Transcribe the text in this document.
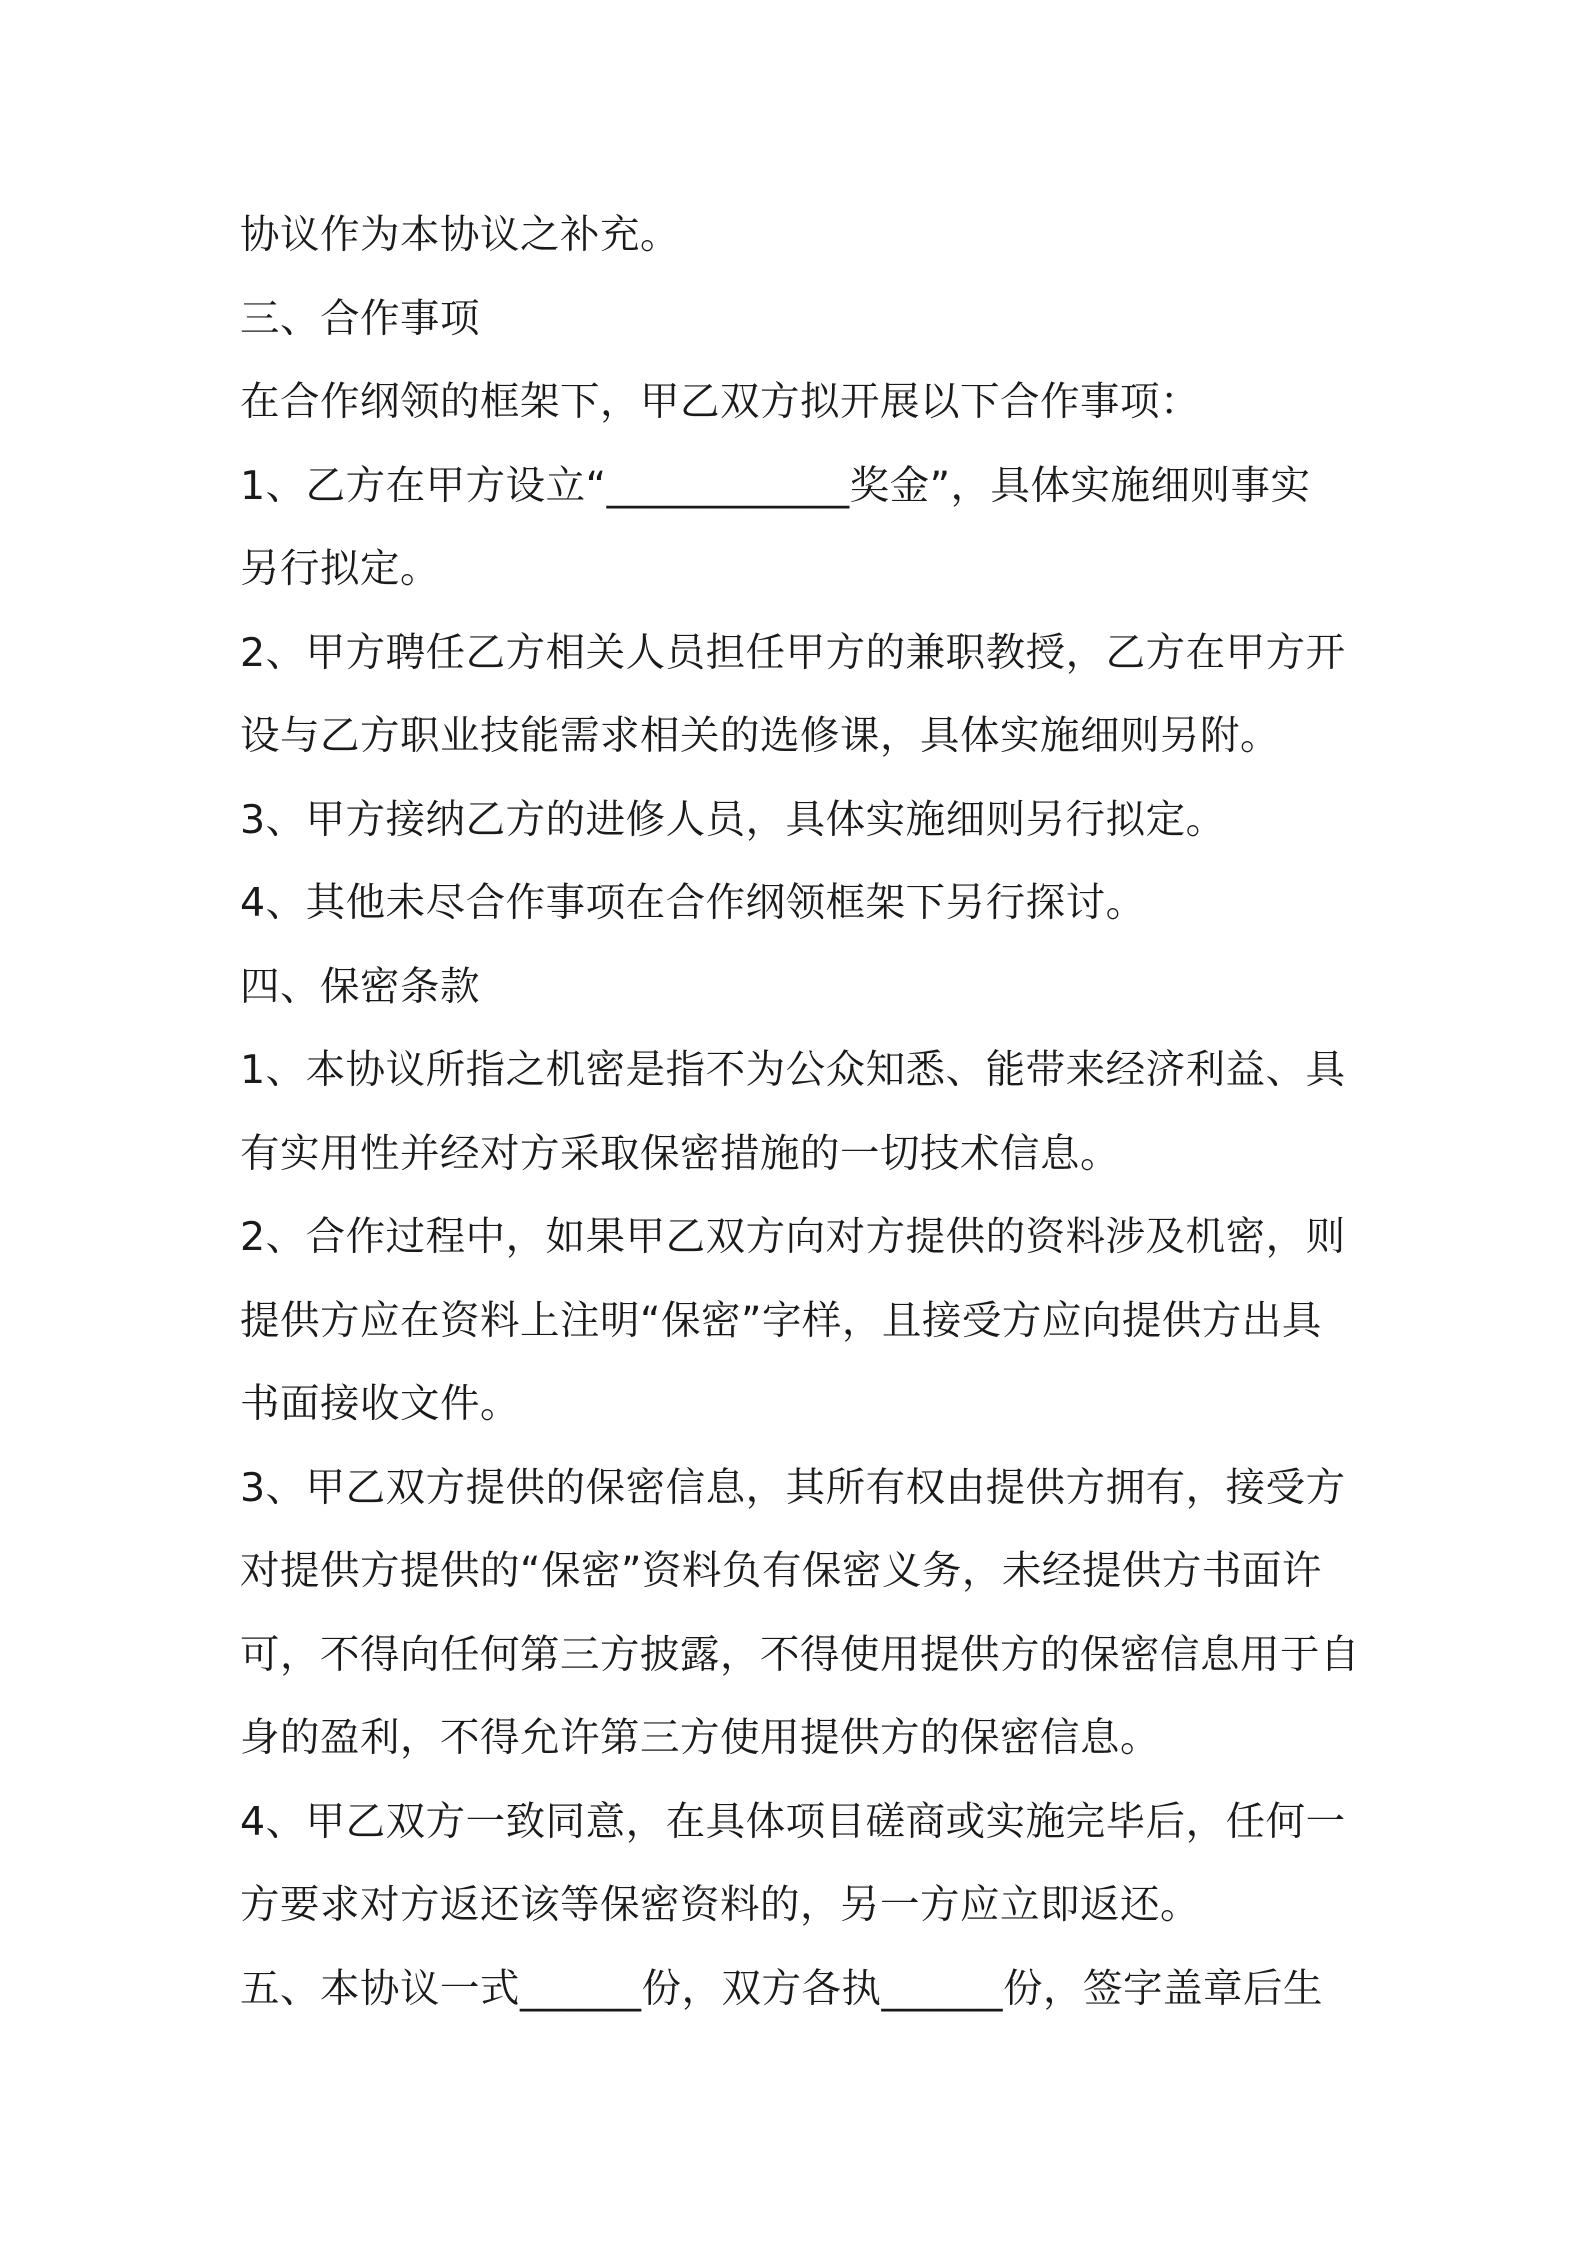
协议作为本协议之补充。
三、合作事项
在合作纲领的框架下，甲乙双方拟开展以下合作事项：
1、乙方在甲方设立“____________奖金”，具体实施细则事实
另行拟定。
2、甲方聘任乙方相关人员担任甲方的兼职教授，乙方在甲方开
设与乙方职业技能需求相关的选修课，具体实施细则另附。
3、甲方接纳乙方的进修人员，具体实施细则另行拟定。
4、其他未尽合作事项在合作纲领框架下另行探讨。
四、保密条款
1、本协议所指之机密是指不为公众知悉、能带来经济利益、具
有实用性并经对方采取保密措施的一切技术信息。
2、合作过程中，如果甲乙双方向对方提供的资料涉及机密，则
提供方应在资料上注明“保密”字样，且接受方应向提供方出具
书面接收文件。
3、甲乙双方提供的保密信息，其所有权由提供方拥有，接受方
对提供方提供的“保密”资料负有保密义务，未经提供方书面许
可，不得向任何第三方披露，不得使用提供方的保密信息用于自
身的盈利，不得允许第三方使用提供方的保密信息。
4、甲乙双方一致同意，在具体项目磋商或实施完毕后，任何一
方要求对方返还该等保密资料的，另一方应立即返还。
五、本协议一式______份，双方各执______份，签字盖章后生
